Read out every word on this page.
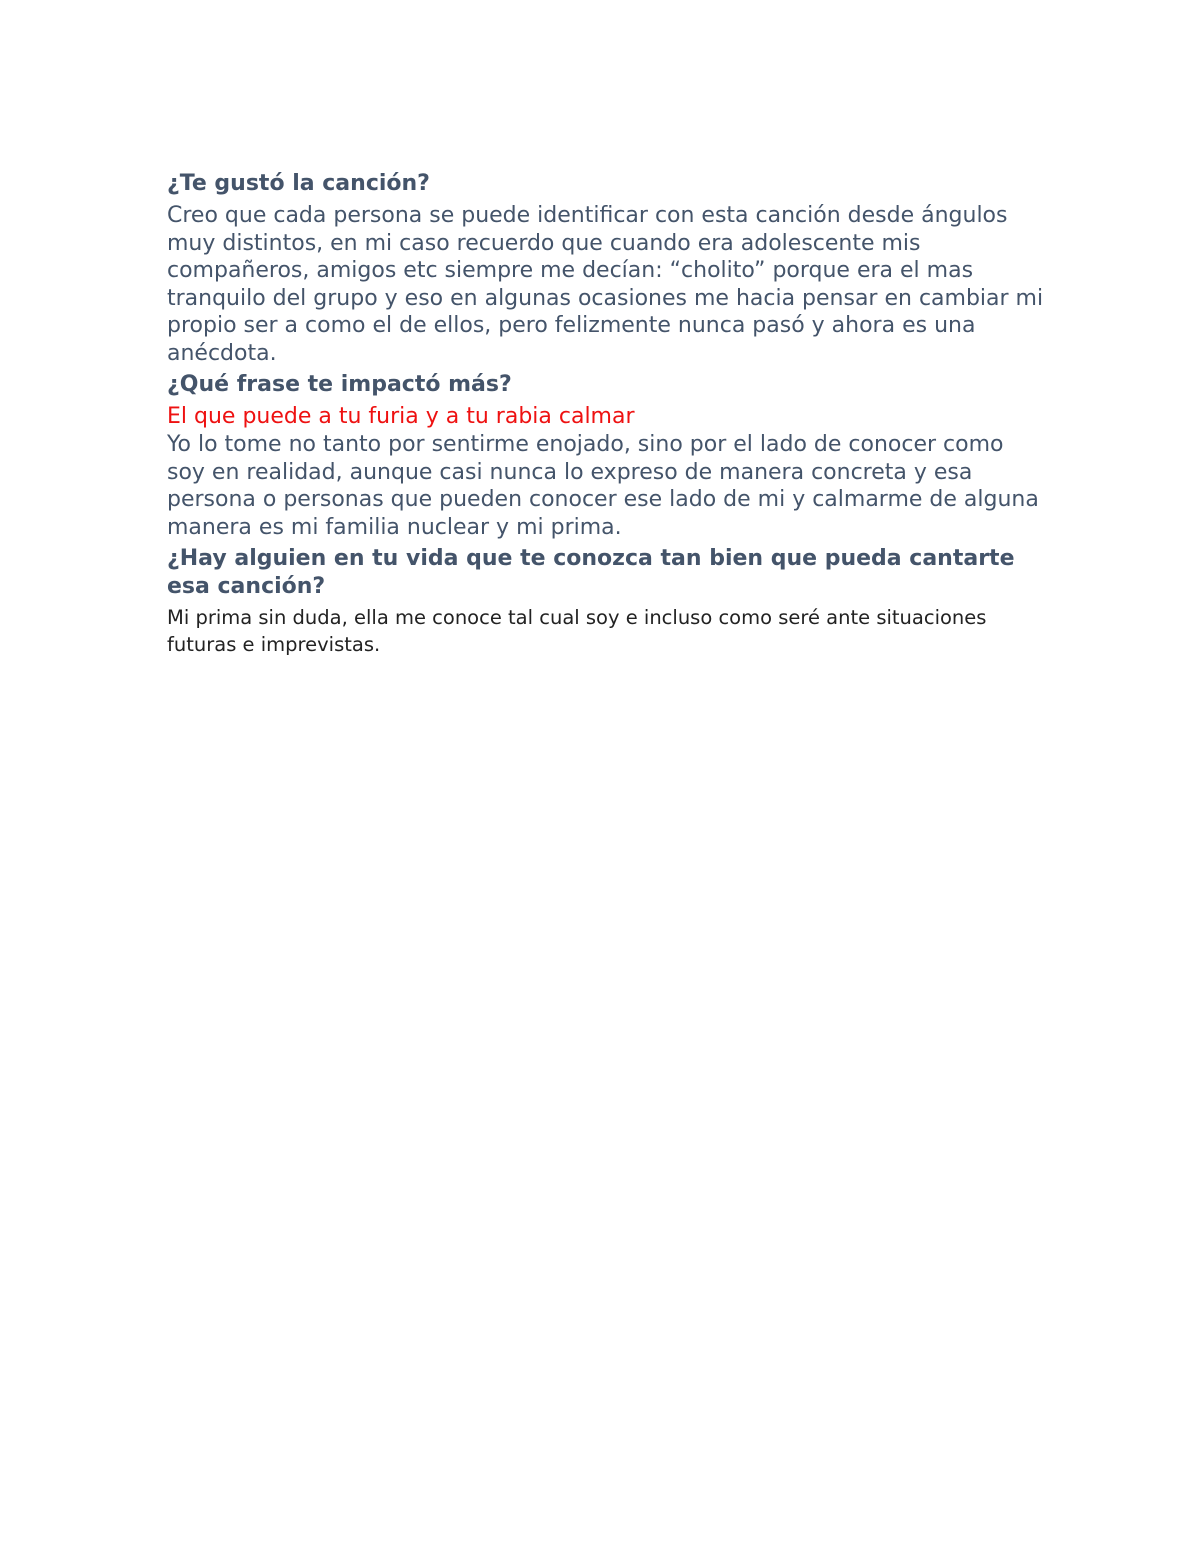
¿Te gustó la canción?

Creo que cada persona se puede identificar con esta canción desde ángulos muy distintos, en mi caso recuerdo que cuando era adolescente mis compañeros, amigos etc siempre me decían: “cholito” porque era el mas tranquilo del grupo y eso en algunas ocasiones me hacia pensar en cambiar mi propio ser a como el de ellos, pero felizmente nunca pasó y ahora es una anécdota.

¿Qué frase te impactó más?

El que puede a tu furia y a tu rabia calmar

Yo lo tome no tanto por sentirme enojado, sino por el lado de conocer como soy en realidad, aunque casi nunca lo expreso de manera concreta y esa persona o personas que pueden conocer ese lado de mi y calmarme de alguna manera es mi familia nuclear y mi prima.

¿Hay alguien en tu vida que te conozca tan bien que pueda cantarte esa canción?

Mi prima sin duda, ella me conoce tal cual soy e incluso como seré ante situaciones futuras e imprevistas.
